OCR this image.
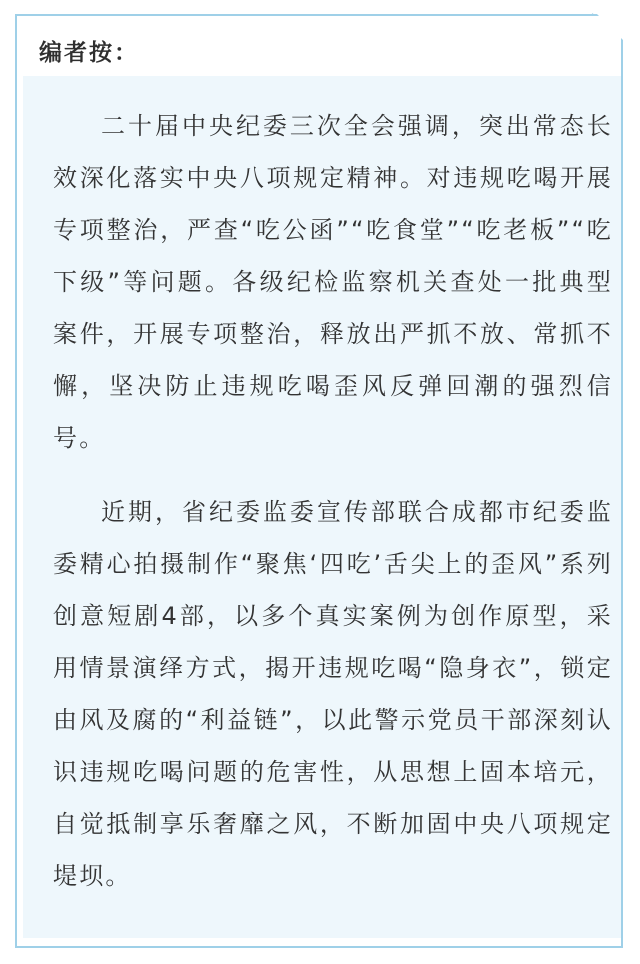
编者按：
二十届中央纪委三次全会强调，突出常态长效深化落实中央八项规定精神。对违规吃喝开展专项整治，严查“吃公函”“吃食堂”“吃老板”“吃下级”等问题。各级纪检监察机关查处一批典型案件，开展专项整治，释放出严抓不放、常抓不懈，坚决防止违规吃喝歪风反弹回潮的强烈信号。
近期，省纪委监委宣传部联合成都市纪委监委精心拍摄制作“聚焦‘四吃’舌尖上的歪风”系列创意短剧4部，以多个真实案例为创作原型，采用情景演绎方式，揭开违规吃喝“隐身衣”，锁定由风及腐的“利益链”，以此警示党员干部深刻认识违规吃喝问题的危害性，从思想上固本培元，自觉抵制享乐奢靡之风，不断加固中央八项规定堤坝。
